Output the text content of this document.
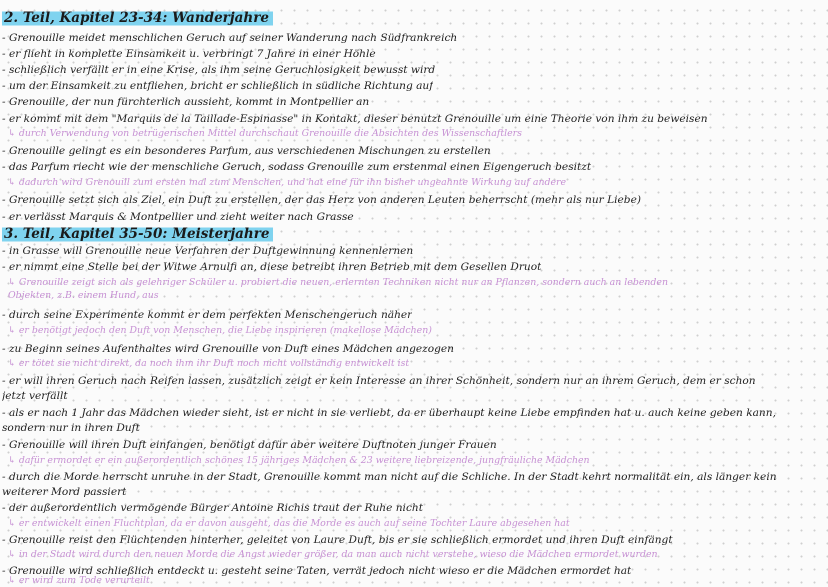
2. Teil, Kapitel 23-34: Wanderjahre
- Grenouille meidet menschlichen Geruch auf seiner Wanderung nach Südfrankreich
- er flieht in komplette Einsamkeit u. verbringt 7 Jahre in einer Höhle
- schließlich verfällt er in eine Krise, als ihm seine Geruchlosigkeit bewusst wird
- um der Einsamkeit zu entfliehen, bricht er schließlich in südliche Richtung auf
- Grenouille, der nun fürchterlich aussieht, kommt in Montpellier an
- er kommt mit dem "Marquis de la Taillade-Espinasse" in Kontakt, dieser benutzt Grenouille um eine Theorie von ihm zu beweisen
↳ durch Verwendung von betrügerischen Mittel durchschaut Grenouille die Absichten des Wissenschaftlers
- Grenouille gelingt es ein besonderes Parfum, aus verschiedenen Mischungen zu erstellen
- das Parfum riecht wie der menschliche Geruch, sodass Grenouille zum erstenmal einen Eigengeruch besitzt
↳ dadurch wird Grenouill zum ersten mal zum Menschen, und hat eine für ihn bisher ungeahnte Wirkung auf andere
- Grenouille setzt sich als Ziel, ein Duft zu erstellen, der das Herz von anderen Leuten beherrscht (mehr als nur Liebe)
- er verlässt Marquis & Montpellier und zieht weiter nach Grasse
3. Teil, Kapitel 35-50: Meisterjahre
- in Grasse will Grenouille neue Verfahren der Duftgewinnung kennenlernen
- er nimmt eine Stelle bei der Witwe Arnulfi an, diese betreibt ihren Betrieb mit dem Gesellen Druot
↳ Grenouille zeigt sich als gelehriger Schüler u. probiert die neuen, erlernten Techniken nicht nur an Pflanzen, sondern auch an lebenden
Objekten, z.B. einem Hund, aus
- durch seine Experimente kommt er dem perfekten Menschengeruch näher
↳ er benötigt jedoch den Duft von Menschen, die Liebe inspirieren (makellose Mädchen)
- zu Beginn seines Aufenthaltes wird Grenouille von Duft eines Mädchen angezogen
↳ er tötet sie nicht direkt, da noch ihm ihr Duft noch nicht vollständig entwickelt ist
- er will ihren Geruch nach Reifen lassen, zusätzlich zeigt er kein Interesse an ihrer Schönheit, sondern nur an ihrem Geruch, dem er schon
jetzt verfällt
- als er nach 1 Jahr das Mädchen wieder sieht, ist er nicht in sie verliebt, da er überhaupt keine Liebe empfinden hat u. auch keine geben kann,
sondern nur in ihren Duft
- Grenouille will ihren Duft einfangen, benötigt dafür aber weitere Duftnoten junger Frauen
↳ dafür ermordet er ein außerordentlich schönes 15 jähriges Mädchen & 23 weitere liebreizende, jungfräuliche Mädchen
- durch die Morde herrscht unruhe in der Stadt, Grenouille kommt man nicht auf die Schliche. In der Stadt kehrt normalität ein, als länger kein
weiterer Mord passiert
- der außerordentlich vermögende Bürger Antoine Richis traut der Ruhe nicht
↳ er entwickelt einen Fluchtplan, da er davon ausgeht, das die Morde es auch auf seine Tochter Laure abgesehen hat
- Grenouille reist den Flüchtenden hinterher, geleitet von Laure Duft, bis er sie schließlich ermordet und ihren Duft einfängt
↳ in der Stadt wird durch den neuen Morde die Angst wieder größer, da man auch nicht verstehe, wieso die Mädchen ermordet wurden
- Grenouille wird schließlich entdeckt u. gesteht seine Taten, verrät jedoch nicht wieso er die Mädchen ermordet hat
↳ er wird zum Tode verurteilt
